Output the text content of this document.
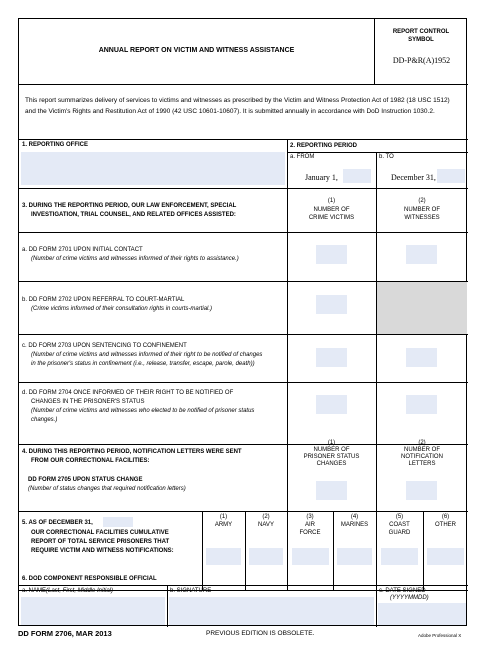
ANNUAL REPORT ON VICTIM AND WITNESS ASSISTANCE
REPORT CONTROL SYMBOL
DD-P&R(A)1952
This report summarizes delivery of services to victims and witnesses as prescribed by the Victim and Witness Protection Act of 1982 (18 USC 1512) and the Victim's Rights and Restitution Act of 1990 (42 USC 10601-10607). It is submitted annually in accordance with DoD Instruction 1030.2.
1. REPORTING OFFICE	2. REPORTING PERIOD
a. FROM	b. TO
January 1,	December 31,
3. DURING THE REPORTING PERIOD, OUR LAW ENFORCEMENT, SPECIAL
INVESTIGATION, TRIAL COUNSEL, AND RELATED OFFICES ASSISTED:
(1)
NUMBER OF
CRIME VICTIMS
(2)
NUMBER OF
WITNESSES
a. DD FORM 2701 UPON INITIAL CONTACT
(Number of crime victims and witnesses informed of their rights to assistance.)
b. DD FORM 2702 UPON REFERRAL TO COURT-MARTIAL
(Crime victims informed of their consultation rights in courts-martial.)
c. DD FORM 2703 UPON SENTENCING TO CONFINEMENT
(Number of crime victims and witnesses informed of their right to be notified of changes
in the prisoner's status in confinement (i.e., release, transfer, escape, parole, death))
d. DD FORM 2704 ONCE INFORMED OF THEIR RIGHT TO BE NOTIFIED OF
CHANGES IN THE PRISONER'S STATUS
(Number of crime victims and witnesses who elected to be notified of prisoner status
changes.)
4. DURING THIS REPORTING PERIOD, NOTIFICATION LETTERS WERE SENT
FROM OUR CORRECTIONAL FACILITIES:
DD FORM 2705 UPON STATUS CHANGE
(Number of status changes that required notification letters)
(1)
NUMBER OF
PRISONER STATUS
CHANGES
(2)
NUMBER OF
NOTIFICATION
LETTERS
5. AS OF DECEMBER 31,
OUR CORRECTIONAL FACILITIES CUMULATIVE
REPORT OF TOTAL SERVICE PRISONERS THAT
REQUIRE VICTIM AND WITNESS NOTIFICATIONS:
(1)
ARMY
(2)
NAVY
(3)
AIR
FORCE
(4)
MARINES
(5)
COAST
GUARD
(6)
OTHER
6. DOD COMPONENT RESPONSIBLE OFFICIAL
a. NAME (Last, First, Middle Initial)	b. SIGNATURE	c. DATE SIGNED
(YYYYMMDD)
DD FORM 2706, MAR 2013	PREVIOUS EDITION IS OBSOLETE.	Adobe Professional X
